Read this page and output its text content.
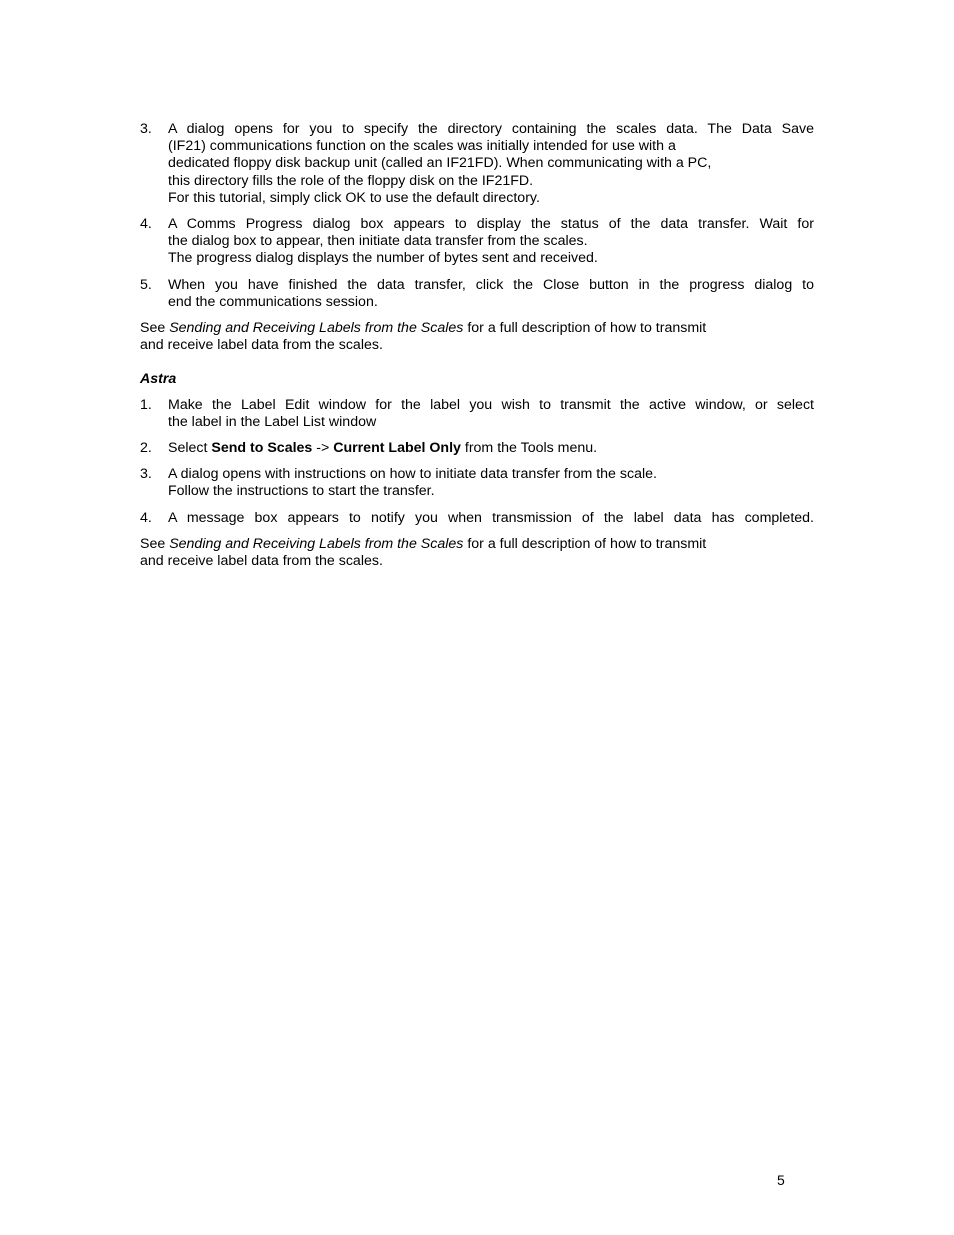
3. A dialog opens for you to specify the directory containing the scales data. The Data Save
(IF21) communications function on the scales was initially intended for use with a
dedicated floppy disk backup unit (called an IF21FD). When communicating with a PC,
this directory fills the role of the floppy disk on the IF21FD.
For this tutorial, simply click OK to use the default directory.
4. A Comms Progress dialog box appears to display the status of the data transfer. Wait for
the dialog box to appear, then initiate data transfer from the scales.
The progress dialog displays the number of bytes sent and received.
5. When you have finished the data transfer, click the Close button in the progress dialog to
end the communications session.

See Sending and Receiving Labels from the Scales for a full description of how to transmit
and receive label data from the scales.

Astra
1. Make the Label Edit window for the label you wish to transmit the active window, or select
the label in the Label List window
2. Select Send to Scales -> Current Label Only from the Tools menu.
3. A dialog opens with instructions on how to initiate data transfer from the scale.
Follow the instructions to start the transfer.
4. A message box appears to notify you when transmission of the label data has completed.

See Sending and Receiving Labels from the Scales for a full description of how to transmit
and receive label data from the scales.

5
